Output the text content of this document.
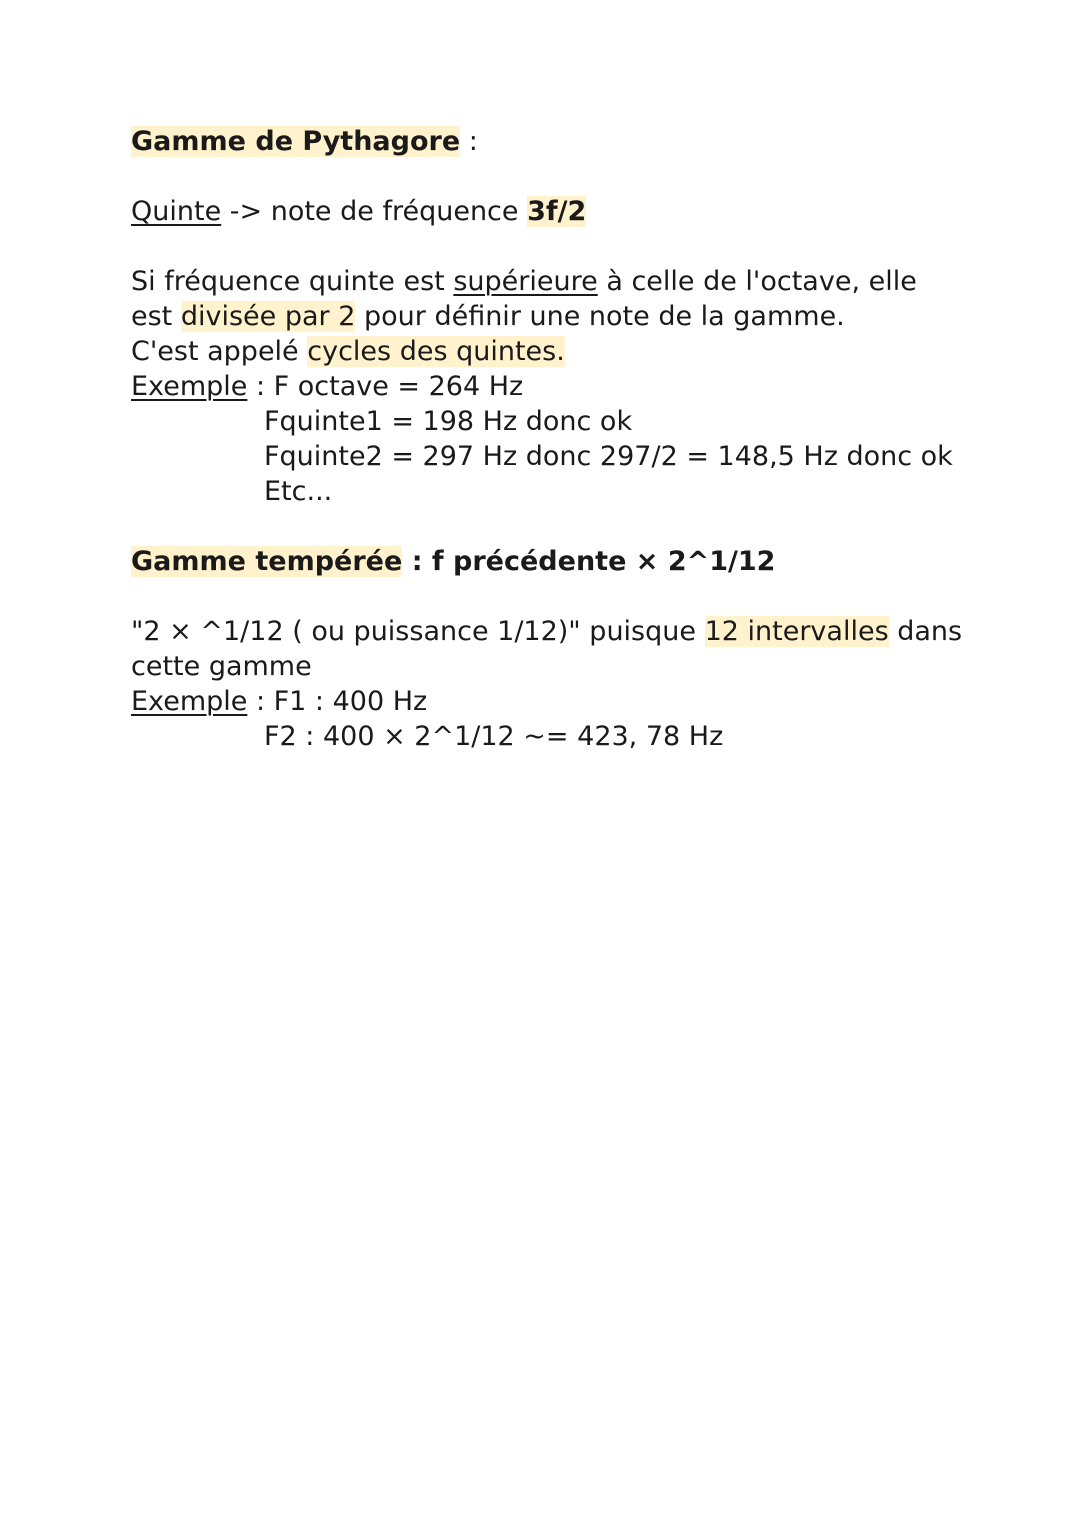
Gamme de Pythagore :
Quinte -> note de fréquence 3f/2
Si fréquence quinte est supérieure à celle de l'octave, elle
est divisée par 2 pour définir une note de la gamme.
C'est appelé cycles des quintes.
Exemple : F octave = 264 Hz
Fquinte1 = 198 Hz donc ok
Fquinte2 = 297 Hz donc 297/2 = 148,5 Hz donc ok
Etc...
Gamme tempérée : f précédente × 2^1/12
"2 × ^1/12 ( ou puissance 1/12)" puisque 12 intervalles dans
cette gamme
Exemple : F1 : 400 Hz
F2 : 400 × 2^1/12 ~= 423, 78 Hz
